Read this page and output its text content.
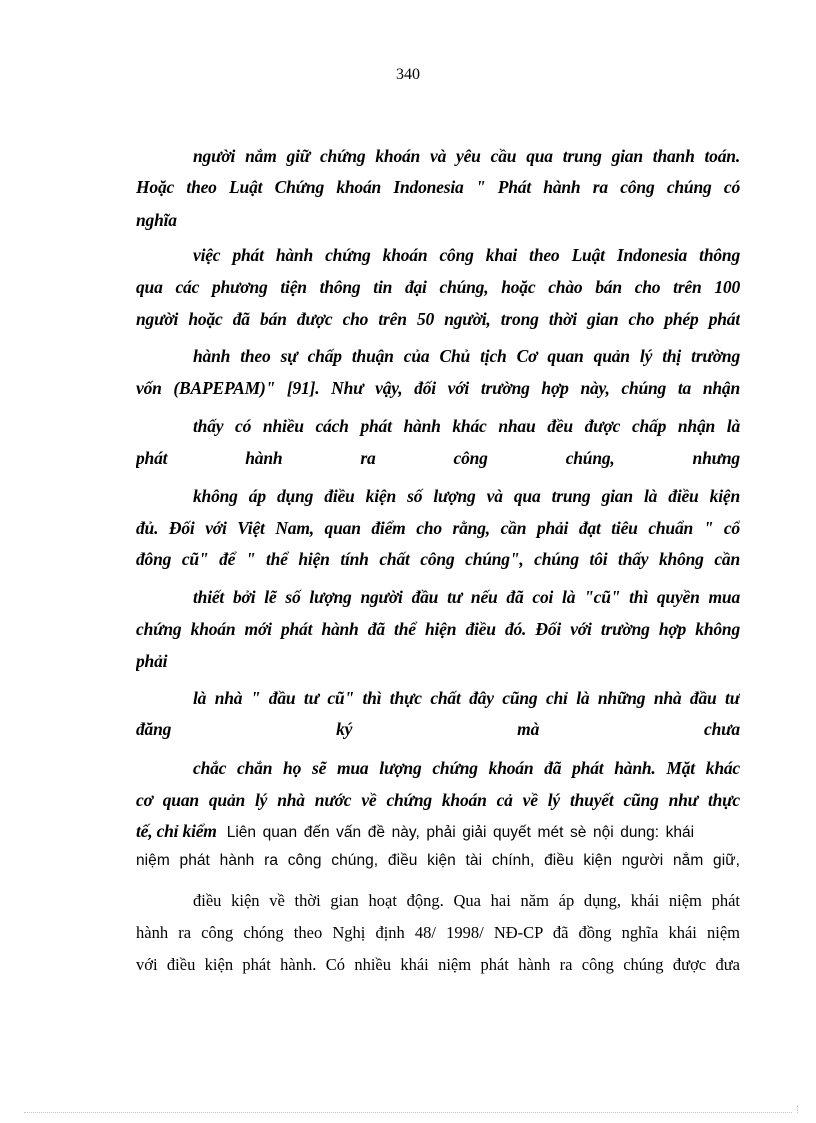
340
người nắm giữ chứng khoán và yêu cầu qua trung gian thanh toán.
Hoặc theo Luật Chứng khoán Indonesia " Phát hành ra công chúng có
nghĩa
việc phát hành chứng khoán công khai theo Luật Indonesia thông
qua các phương tiện thông tin đại chúng, hoặc chào bán cho trên 100
người hoặc đã bán được cho trên 50 người, trong thời gian cho phép phát
hành theo sự chấp thuận của Chủ tịch Cơ quan quản lý thị trường
vốn (BAPEPAM)" [91]. Như vậy, đối với trường hợp này, chúng ta nhận
thấy có nhiều cách phát hành khác nhau đều được chấp nhận là
phát hành ra công chúng, nhưng
không áp dụng điều kiện số lượng và qua trung gian là điều kiện
đủ. Đối với Việt Nam, quan điểm cho rằng, cần phải đạt tiêu chuẩn " cổ
đông cũ" để " thể hiện tính chất công chúng", chúng tôi thấy không cần
thiết bởi lẽ số lượng người đầu tư nếu đã coi là "cũ" thì quyền mua
chứng khoán mới phát hành đã thể hiện điều đó. Đối với trường hợp không
phải
là nhà " đầu tư cũ" thì thực chất đây cũng chỉ là những nhà đầu tư
đăng ký mà chưa
chắc chắn họ sẽ mua lượng chứng khoán đã phát hành. Mặt khác
cơ quan quản lý nhà nước về chứng khoán cả về lý thuyết cũng như thực
tế, chỉ kiểm Liên quan đến vấn đề này, phải giải quyết mét sè nội dung: khái
niệm phát hành ra công chúng, điều kiện tài chính, điều kiện người nắm giữ,
điều kiện về thời gian hoạt động. Qua hai năm áp dụng, khái niệm phát
hành ra công chóng theo Nghị định 48/ 1998/ NĐ-CP đã đồng nghĩa khái niệm
với điều kiện phát hành. Có nhiều khái niệm phát hành ra công chúng được đưa
